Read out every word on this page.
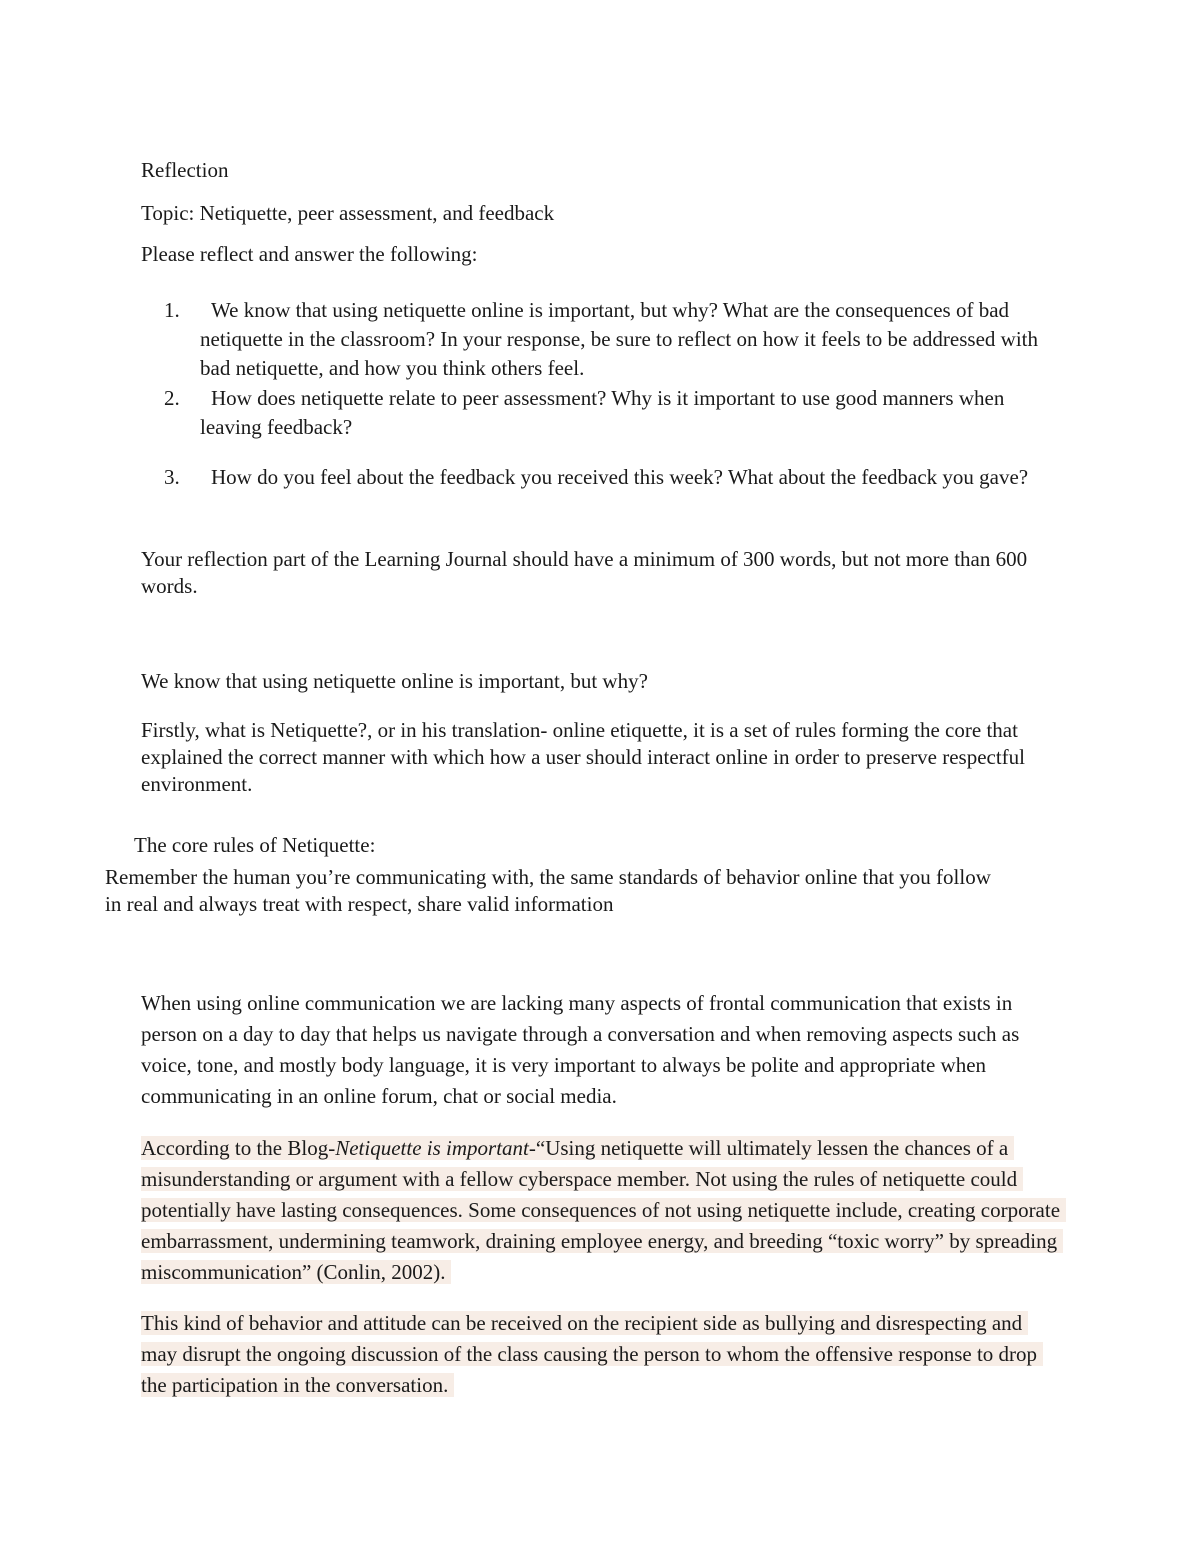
Reflection

Topic: Netiquette, peer assessment, and feedback

Please reflect and answer the following:

1.	We know that using netiquette online is important, but why? What are the consequences of bad netiquette in the classroom? In your response, be sure to reflect on how it feels to be addressed with bad netiquette, and how you think others feel.
2.	How does netiquette relate to peer assessment? Why is it important to use good manners when leaving feedback?
3.	How do you feel about the feedback you received this week? What about the feedback you gave?
Your reflection part of the Learning Journal should have a minimum of 300 words, but not more than 600 words.

We know that using netiquette online is important, but why?

Firstly, what is Netiquette?, or in his translation- online etiquette, it is a set of rules forming the core that explained the correct manner with which how a user should interact online in order to preserve respectful environment.

The core rules of Netiquette:

Remember the human you’re communicating with, the same standards of behavior online that you follow in real and always treat with respect, share valid information
When using online communication we are lacking many aspects of frontal communication that exists in person on a day to day that helps us navigate through a conversation and when removing aspects such as voice, tone, and mostly body language, it is very important to always be polite and appropriate when communicating in an online forum, chat or social media.
According to the Blog-Netiquette is important-“Using netiquette will ultimately lessen the chances of a misunderstanding or argument with a fellow cyberspace member. Not using the rules of netiquette could potentially have lasting consequences. Some consequences of not using netiquette include, creating corporate embarrassment, undermining teamwork, draining employee energy, and breeding “toxic worry” by spreading miscommunication” (Conlin, 2002).
This kind of behavior and attitude can be received on the recipient side as bullying and disrespecting and may disrupt the ongoing discussion of the class causing the person to whom the offensive response to drop the participation in the conversation.
